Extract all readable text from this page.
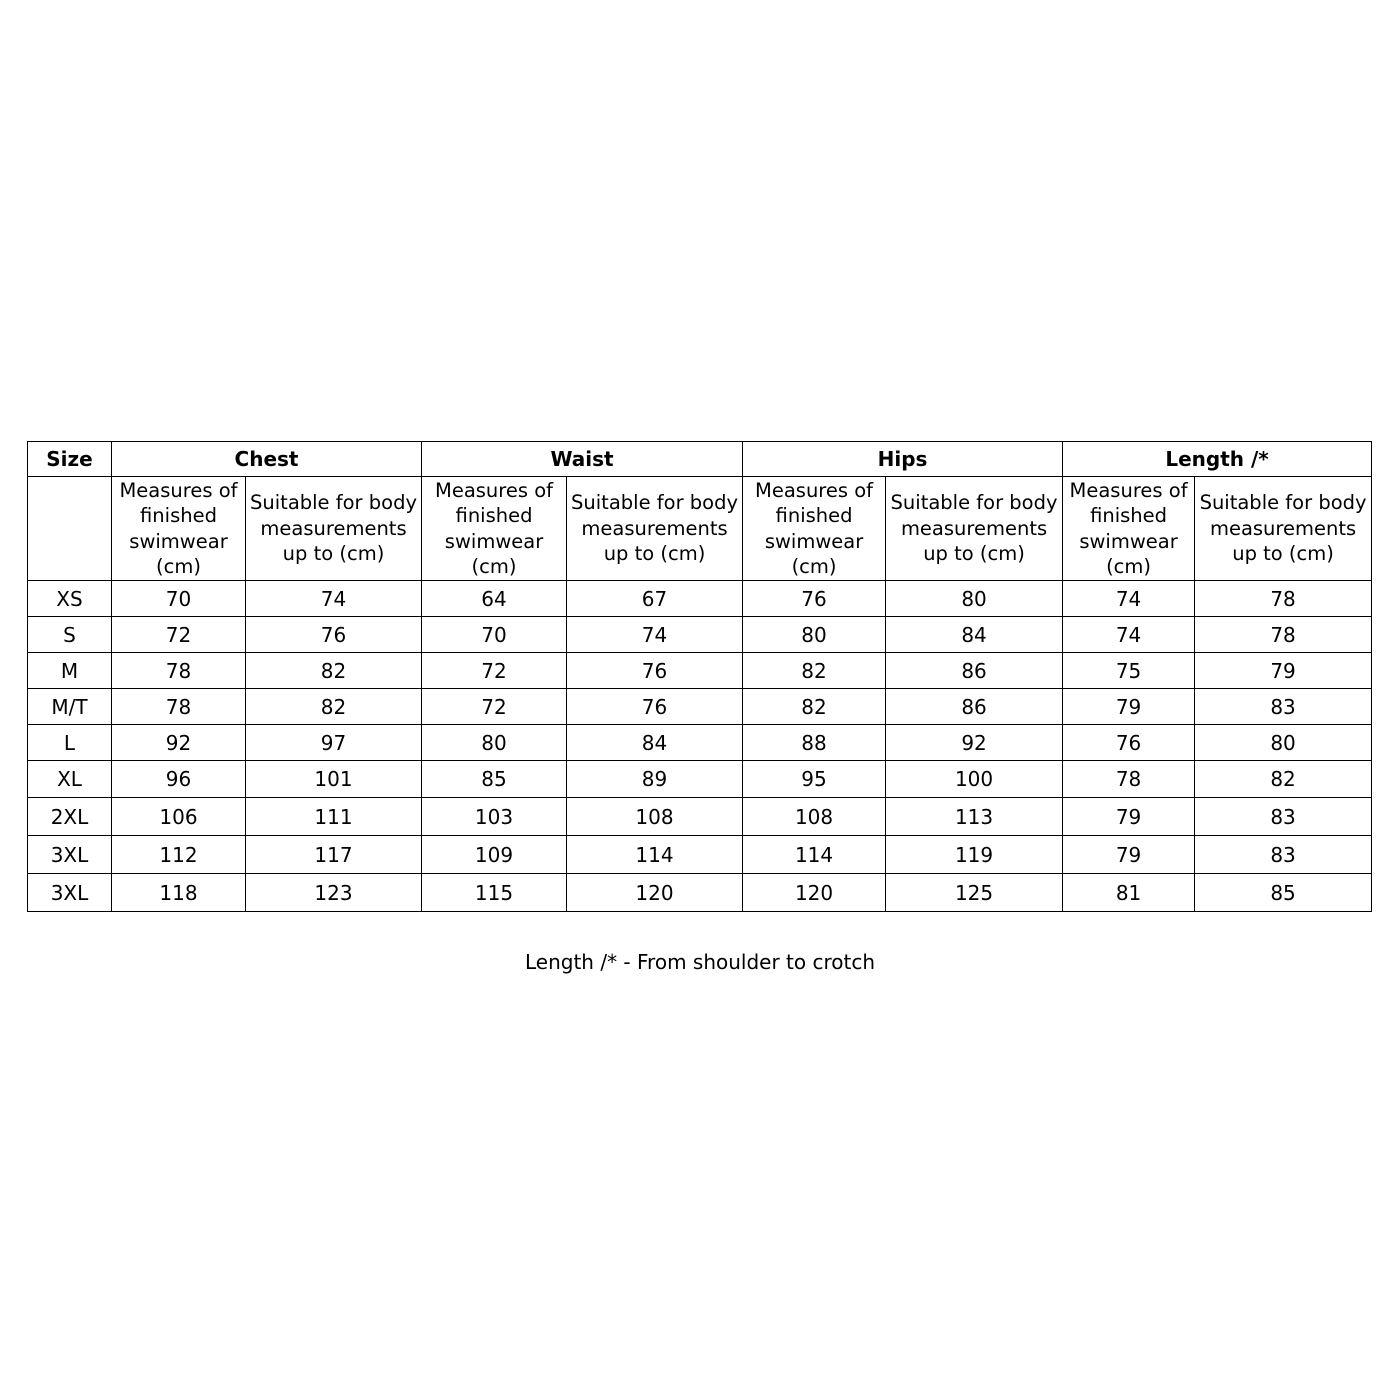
Size	Chest		Waist		Hips		Length /*	
	Measures of finished swimwear (cm)	Suitable for body measurements up to (cm)	Measures of finished swimwear (cm)	Suitable for body measurements up to (cm)	Measures of finished swimwear (cm)	Suitable for body measurements up to (cm)	Measures of finished swimwear (cm)	Suitable for body measurements up to (cm)
XS	70	74	64	67	76	80	74	78
S	72	76	70	74	80	84	74	78
M	78	82	72	76	82	86	75	79
M/T	78	82	72	76	82	86	79	83
L	92	97	80	84	88	92	76	80
XL	96	101	85	89	95	100	78	82
2XL	106	111	103	108	108	113	79	83
3XL	112	117	109	114	114	119	79	83
3XL	118	123	115	120	120	125	81	85
Length /* - From shoulder to crotch
